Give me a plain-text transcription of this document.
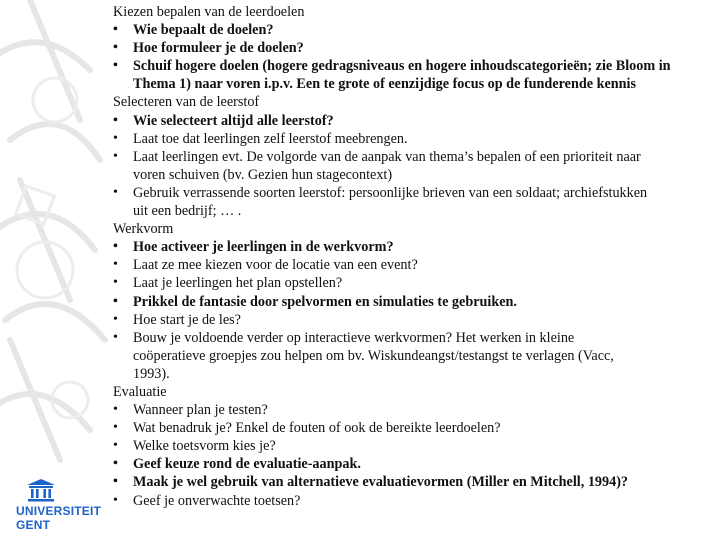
Kiezen bepalen van de leerdoelen
• Wie bepaalt de doelen?
• Hoe formuleer je de doelen?
• Schuif hogere doelen (hogere gedragsniveaus en hogere inhoudscategorieën; zie Bloom in
Thema 1) naar voren i.p.v. Een te grote of eenzijdige focus op de funderende kennis
Selecteren van de leerstof
• Wie selecteert altijd alle leerstof?
• Laat toe dat leerlingen zelf leerstof meebrengen.
• Laat leerlingen evt. De volgorde van de aanpak van thema’s bepalen of een prioriteit naar
voren schuiven (bv. Gezien hun stagecontext)
• Gebruik verrassende soorten leerstof: persoonlijke brieven van een soldaat; archiefstukken
uit een bedrijf; … .
Werkvorm
• Hoe activeer je leerlingen in de werkvorm?
• Laat ze mee kiezen voor de locatie van een event?
• Laat je leerlingen het plan opstellen?
• Prikkel de fantasie door spelvormen en simulaties te gebruiken.
• Hoe start je de les?
• Bouw je voldoende verder op interactieve werkvormen? Het werken in kleine
coöperatieve groepjes zou helpen om bv. Wiskundeangst/testangst te verlagen (Vacc,
1993).
Evaluatie
• Wanneer plan je testen?
• Wat benadruk je? Enkel de fouten of ook de bereikte leerdoelen?
• Welke toetsvorm kies je?
• Geef keuze rond de evaluatie-aanpak.
• Maak je wel gebruik van alternatieve evaluatievormen (Miller en Mitchell, 1994)?
• Geef je onverwachte toetsen?
UNIVERSITEIT
GENT
